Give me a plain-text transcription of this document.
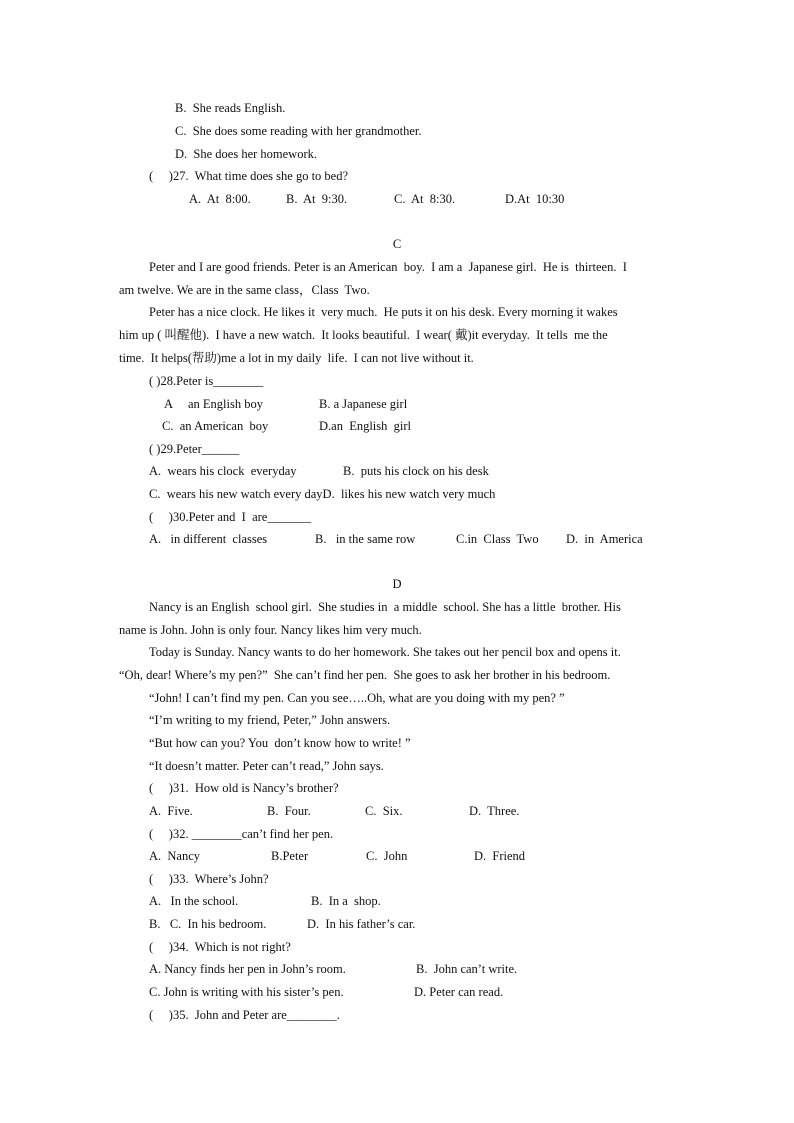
B.  She reads English.
C.  She does some reading with her grandmother.
D.  She does her homework.
(     )27.  What time does she go to bed?
A.  At  8:00.	B.  At  9:30.	C.  At  8:30.	D.At  10:30
C
Peter and I are good friends. Peter is an American  boy.  I am a  Japanese girl.  He is  thirteen.  I
am twelve. We are in the same class，Class  Two.
Peter has a nice clock. He likes it  very much.  He puts it on his desk. Every morning it wakes
him up ( 叫醒他).  I have a new watch.  It looks beautiful.  I wear( 戴)it everyday.  It tells  me the
time.  It helps(帮助)me a lot in my daily  life.  I can not live without it.
( )28.Peter is________
A     an English boy	B. a Japanese girl
C.  an American  boy	D.an  English  girl
( )29.Peter______
A.  wears his clock  everyday	B.  puts his clock on his desk
C.  wears his new watch every dayD.  likes his new watch very much
(     )30.Peter and  I  are_______
A.   in different  classes	B.   in the same row	C.in  Class  Two D.  in  America
D
Nancy is an English  school girl.  She studies in  a middle  school. She has a little  brother. His
name is John. John is only four. Nancy likes him very much.
Today is Sunday. Nancy wants to do her homework. She takes out her pencil box and opens it.
“Oh, dear! Where’s my pen?”  She can’t find her pen.  She goes to ask her brother in his bedroom.
“John! I can’t find my pen. Can you see…..Oh, what are you doing with my pen? ”
“I’m writing to my friend, Peter,” John answers.
“But how can you? You  don’t know how to write! ”
“It doesn’t matter. Peter can’t read,” John says.
(     )31.  How old is Nancy’s brother?
A.  Five.	B.  Four.	C.  Six.	D.  Three.
(     )32. ________can’t find her pen.
A.  Nancy	B.Peter	C.  John	D.  Friend
(     )33.  Where’s John?
A.   In the school.	B.  In a  shop.
B.   C.  In his bedroom.	D.  In his father’s car.
(     )34.  Which is not right?
A. Nancy finds her pen in John’s room.	B.  John can’t write.
C. John is writing with his sister’s pen.	D. Peter can read.
(     )35.  John and Peter are________.
